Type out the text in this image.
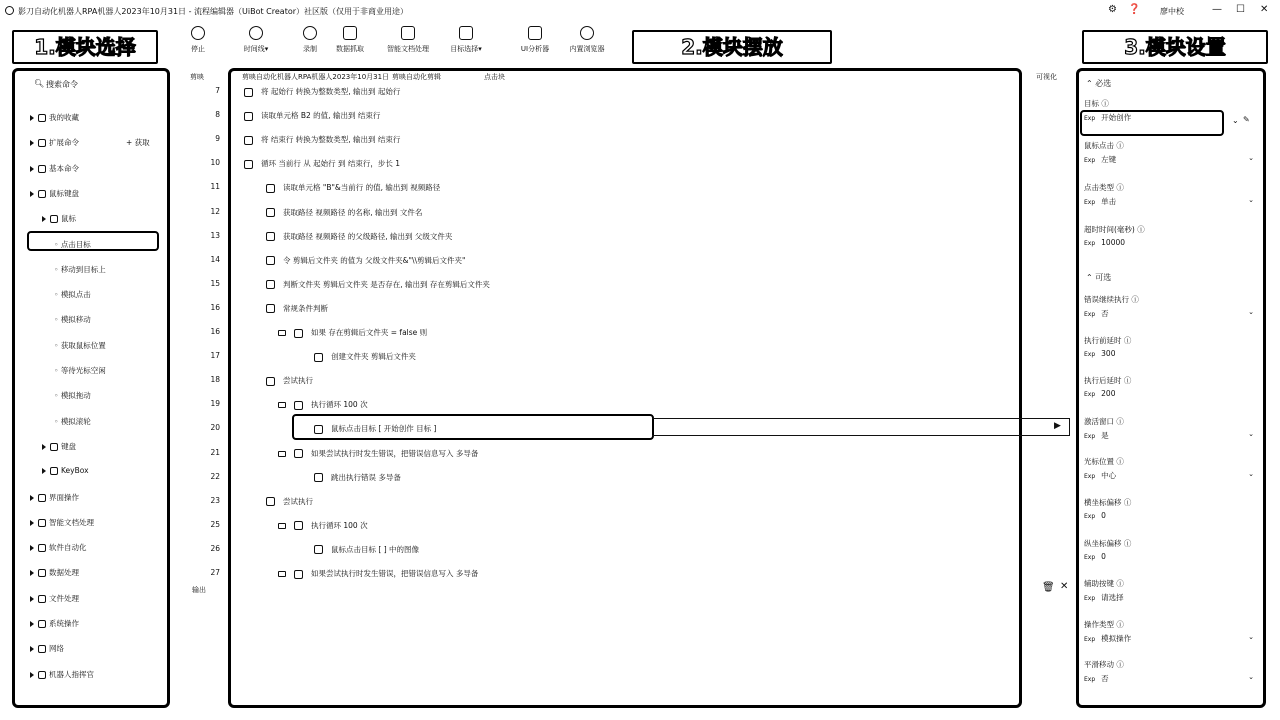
影刀自动化机器人RPA机器人2023年10月31日 - 流程编辑器（UiBot Creator）社区版（仅用于非商业用途）	⚙ ❓ 廖中校	— ☐ ✕
停止	时间线▾	录制	数据抓取	智能文档处理	目标选择▾	UI分析器	内置浏览器
1.模块选择	2.模块摆放	3.模块设置
🔍︎ 搜索命令
我的收藏
扩展命令	+ 获取
基本命令
鼠标键盘
鼠标
◦ 点击目标
◦ 移动到目标上
◦ 模拟点击
◦ 模拟移动
◦ 获取鼠标位置
◦ 等待光标空闲
◦ 模拟拖动
◦ 模拟滚轮
键盘
KeyBox
界面操作
智能文档处理
软件自动化
数据处理
文件处理
系统操作
网络
机器人指挥官
剪映	剪映自动化机器人RPA机器人2023年10月31日 剪映自动化剪辑	点击块	可视化
输出	🗑 ✕
7	将 起始行 转换为整数类型, 输出到 起始行
8	读取单元格 B2 的值, 输出到 结束行
9	将 结束行 转换为整数类型, 输出到 结束行
10	循环 当前行 从 起始行 到 结束行，步长 1
11	读取单元格 "B"&当前行 的值, 输出到 视频路径
12	获取路径 视频路径 的名称, 输出到 文件名
13	获取路径 视频路径 的父级路径, 输出到 父级文件夹
14	令 剪辑后文件夹 的值为 父级文件夹&"\\剪辑后文件夹"
15	判断文件夹 剪辑后文件夹 是否存在, 输出到 存在剪辑后文件夹
16	常规条件判断
16	如果 存在剪辑后文件夹 = false 则
17	创建文件夹 剪辑后文件夹
18	尝试执行
19	执行循环 100 次
20	鼠标点击目标 [ 开始创作 目标 ]
21	如果尝试执行时发生错误，把错误信息写入 多导备
22	跳出执行错误 多导备
23	尝试执行
25	执行循环 100 次
26	鼠标点击目标 [ ] 中的图像
27	如果尝试执行时发生错误，把错误信息写入 多导备
▶
⌃ 必选
目标 ⓘ
Exp 开始创作
鼠标点击 ⓘ
Exp 左键	⌄
点击类型 ⓘ
Exp 单击	⌄
超时时间(毫秒) ⓘ
Exp 10000
⌃ 可选
错误继续执行 ⓘ
Exp 否	⌄
执行前延时 ⓘ
Exp 300
执行后延时 ⓘ
Exp 200
激活窗口 ⓘ
Exp 是	⌄
光标位置 ⓘ
Exp 中心	⌄
横坐标偏移 ⓘ
Exp 0
纵坐标偏移 ⓘ
Exp 0
辅助按键 ⓘ
Exp 请选择
操作类型 ⓘ
Exp 模拟操作	⌄
平滑移动 ⓘ
Exp 否	⌄
⌄ ✎
